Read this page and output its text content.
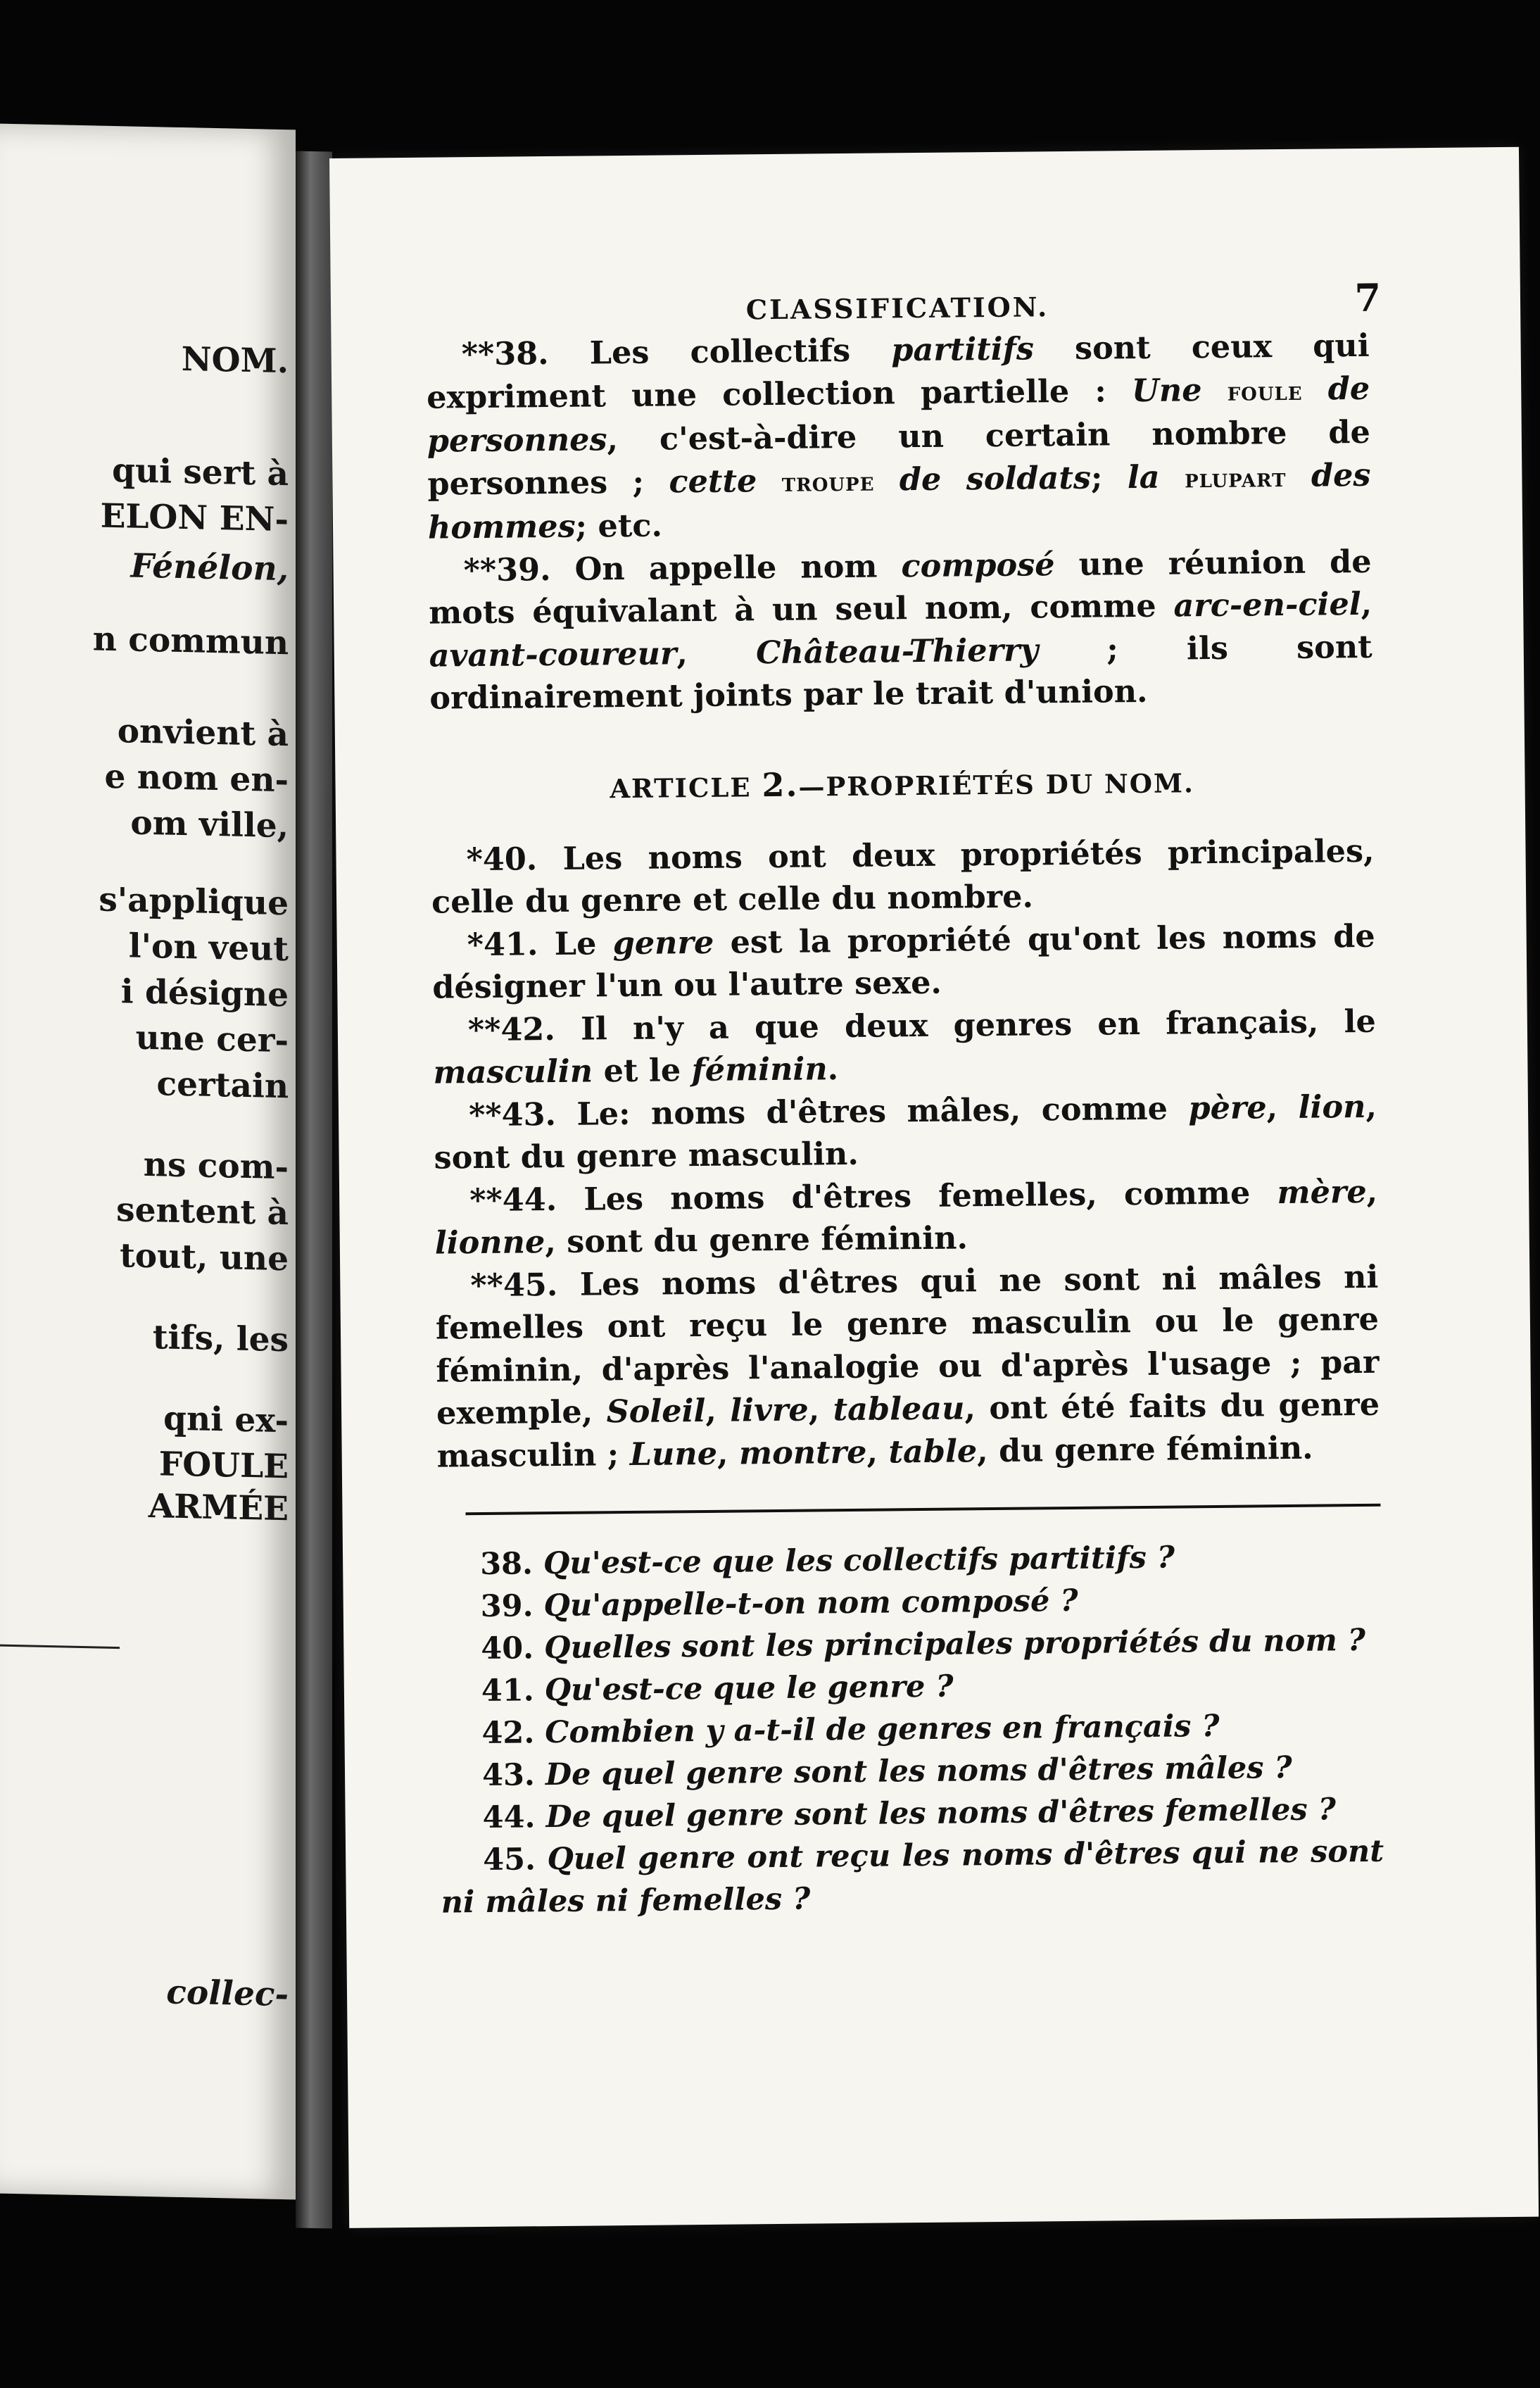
NOM.
qui sert à
ELON EN-
Fénélon,
n commun
onvient à
e nom en-
om ville,
s'applique
l'on veut
i désigne
une cer-
certain
ns com-
sentent à
tout, une
tifs, les
qni ex-
FOULE
ARMÉE
collec-
CLASSIFICATION.	7

**38. Les collectifs partitifs sont ceux qui expriment une collection partielle : Une foule de personnes, c'est-à-dire un certain nombre de personnes ; cette troupe de soldats; la plupart des hommes; etc.

**39. On appelle nom composé une réunion de mots équivalant à un seul nom, comme arc-en-ciel, avant-coureur, Château-Thierry ; ils sont ordinairement joints par le trait d'union.

ARTICLE 2.—PROPRIÉTÉS DU NOM.

*40. Les noms ont deux propriétés principales, celle du genre et celle du nombre.

*41. Le genre est la propriété qu'ont les noms de désigner l'un ou l'autre sexe.

**42. Il n'y a que deux genres en français, le masculin et le féminin.

**43. Le: noms d'êtres mâles, comme père, lion, sont du genre masculin.

**44. Les noms d'êtres femelles, comme mère, lionne, sont du genre féminin.

**45. Les noms d'êtres qui ne sont ni mâles ni femelles ont reçu le genre masculin ou le genre féminin, d'après l'analogie ou d'après l'usage ; par exemple, Soleil, livre, tableau, ont été faits du genre masculin ; Lune, montre, table, du genre féminin.

38. Qu'est-ce que les collectifs partitifs ?

39. Qu'appelle-t-on nom composé ?

40. Quelles sont les principales propriétés du nom ?

41. Qu'est-ce que le genre ?

42. Combien y a-t-il de genres en français ?

43. De quel genre sont les noms d'êtres mâles ?

44. De quel genre sont les noms d'êtres femelles ?

45. Quel genre ont reçu les noms d'êtres qui ne sont ni mâles ni femelles ?
